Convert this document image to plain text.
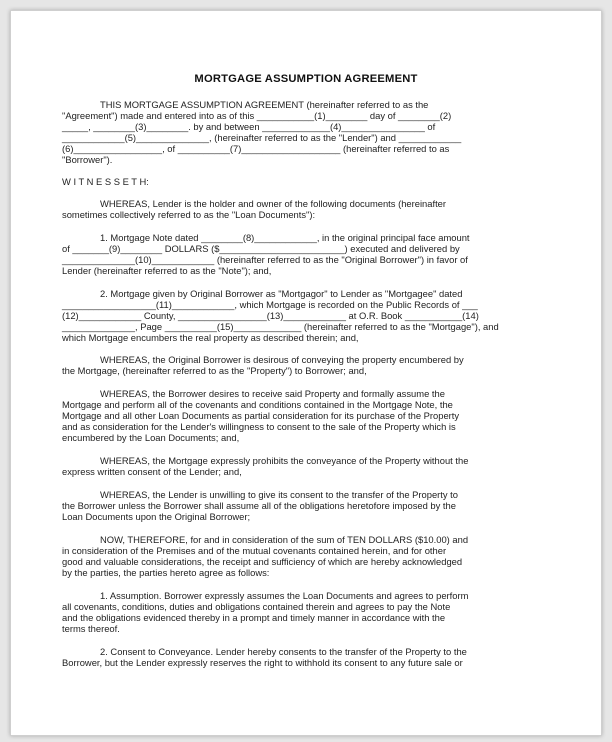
MORTGAGE ASSUMPTION AGREEMENT
THIS MORTGAGE ASSUMPTION AGREEMENT (hereinafter referred to as the
"Agreement") made and entered into as of this ___________(1)________ day of ________(2)
_____, ________(3)________. by and between _____________(4)________________ of
____________(5)______________, (hereinafter referred to as the "Lender") and ____________
(6)_________________, of __________(7)___________________ (hereinafter referred to as
"Borrower").
W I T N E S S E T H:
WHEREAS, Lender is the holder and owner of the following documents (hereinafter
sometimes collectively referred to as the "Loan Documents"):
1. Mortgage Note dated ________(8)____________, in the original principal face amount
of _______(9)________ DOLLARS ($________________________) executed and delivered by
______________(10)____________ (hereinafter referred to as the "Original Borrower") in favor of
Lender (hereinafter referred to as the "Note"); and,
2. Mortgage given by Original Borrower as "Mortgagor" to Lender as "Mortgagee" dated
__________________(11)____________, which Mortgage is recorded on the Public Records of ___
(12)____________ County, _________________(13)____________ at O.R. Book ___________(14)
______________, Page __________(15)_____________ (hereinafter referred to as the "Mortgage"), and
which Mortgage encumbers the real property as described therein; and,
WHEREAS, the Original Borrower is desirous of conveying the property encumbered by
the Mortgage, (hereinafter referred to as the "Property") to Borrower; and,
WHEREAS, the Borrower desires to receive said Property and formally assume the
Mortgage and perform all of the covenants and conditions contained in the Mortgage Note, the
Mortgage and all other Loan Documents as partial consideration for its purchase of the Property
and as consideration for the Lender's willingness to consent to the sale of the Property which is
encumbered by the Loan Documents; and,
WHEREAS, the Mortgage expressly prohibits the conveyance of the Property without the
express written consent of the Lender; and,
WHEREAS, the Lender is unwilling to give its consent to the transfer of the Property to
the Borrower unless the Borrower shall assume all of the obligations heretofore imposed by the
Loan Documents upon the Original Borrower;
NOW, THEREFORE, for and in consideration of the sum of TEN DOLLARS ($10.00) and
in consideration of the Premises and of the mutual covenants contained herein, and for other
good and valuable considerations, the receipt and sufficiency of which are hereby acknowledged
by the parties, the parties hereto agree as follows:
1. Assumption. Borrower expressly assumes the Loan Documents and agrees to perform
all covenants, conditions, duties and obligations contained therein and agrees to pay the Note
and the obligations evidenced thereby in a prompt and timely manner in accordance with the
terms thereof.
2. Consent to Conveyance. Lender hereby consents to the transfer of the Property to the
Borrower, but the Lender expressly reserves the right to withhold its consent to any future sale or
